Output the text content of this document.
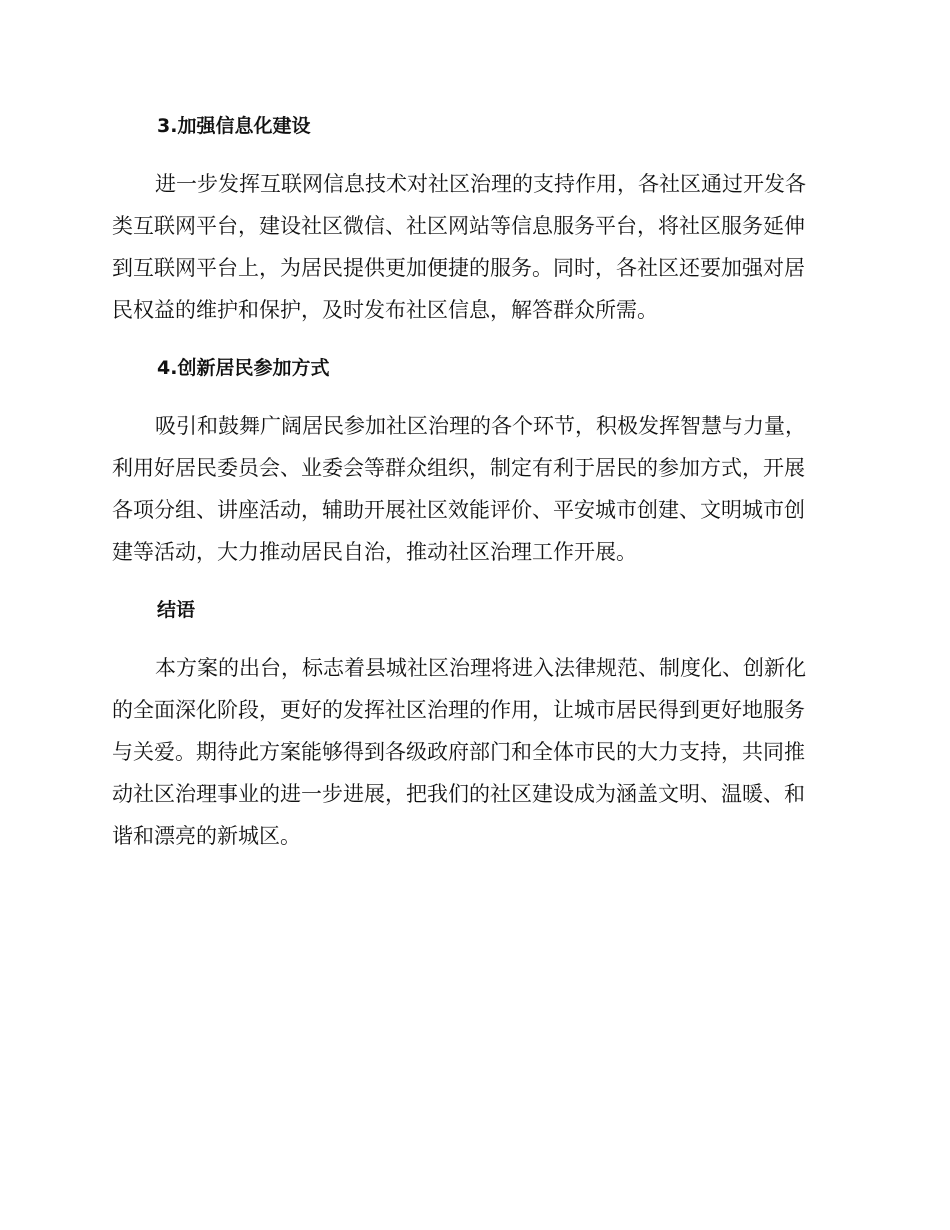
3.加强信息化建设

进一步发挥互联网信息技术对社区治理的支持作用，各社区通过开发各
类互联网平台，建设社区微信、社区网站等信息服务平台，将社区服务延伸
到互联网平台上，为居民提供更加便捷的服务。同时，各社区还要加强对居
民权益的维护和保护，及时发布社区信息，解答群众所需。

4.创新居民参加方式

吸引和鼓舞广阔居民参加社区治理的各个环节，积极发挥智慧与力量，
利用好居民委员会、业委会等群众组织，制定有利于居民的参加方式，开展
各项分组、讲座活动，辅助开展社区效能评价、平安城市创建、文明城市创
建等活动，大力推动居民自治，推动社区治理工作开展。

结语

本方案的出台，标志着县城社区治理将进入法律规范、制度化、创新化
的全面深化阶段，更好的发挥社区治理的作用，让城市居民得到更好地服务
与关爱。期待此方案能够得到各级政府部门和全体市民的大力支持，共同推
动社区治理事业的进一步进展，把我们的社区建设成为涵盖文明、温暖、和
谐和漂亮的新城区。
